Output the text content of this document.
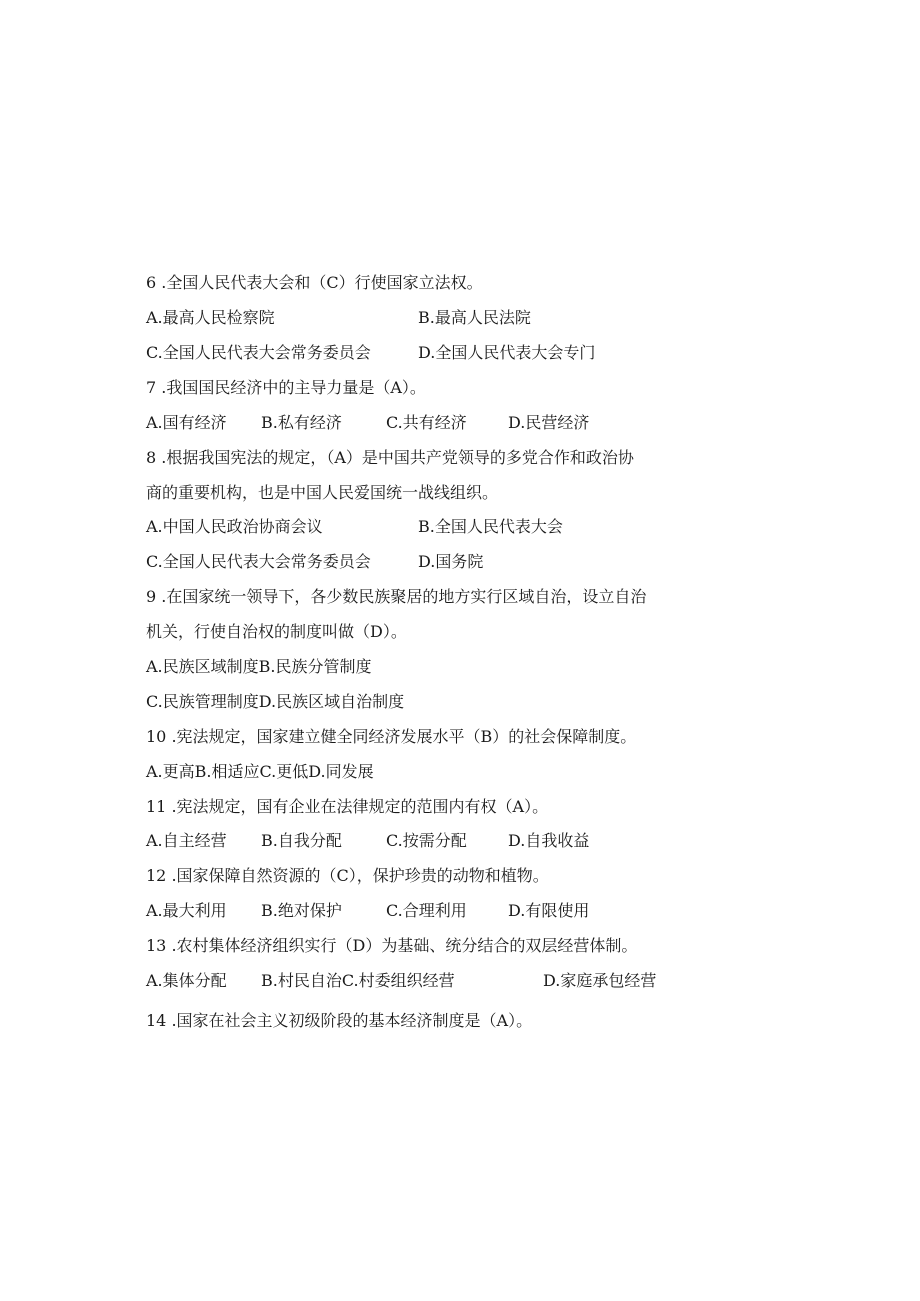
6 .全国人民代表大会和（C）行使国家立法权。
A.最高人民检察院	B.最高人民法院
C.全国人民代表大会常务委员会	D.全国人民代表大会专门
7 .我国国民经济中的主导力量是（A）。
A.国有经济 B.私有经济	C.共有经济	D.民营经济
8 .根据我国宪法的规定，（A）是中国共产党领导的多党合作和政治协
商的重要机构，也是中国人民爱国统一战线组织。
A.中国人民政治协商会议	B.全国人民代表大会
C.全国人民代表大会常务委员会	D.国务院
9 .在国家统一领导下，各少数民族聚居的地方实行区域自治，设立自治
机关，行使自治权的制度叫做（D）。
A.民族区域制度B.民族分管制度
C.民族管理制度D.民族区域自治制度
10 .宪法规定，国家建立健全同经济发展水平（B）的社会保障制度。
A.更高B.相适应C.更低D.同发展
11 .宪法规定，国有企业在法律规定的范围内有权（A）。
A.自主经营 B.自我分配	C.按需分配	D.自我收益
12 .国家保障自然资源的（C），保护珍贵的动物和植物。
A.最大利用 B.绝对保护	C.合理利用	D.有限使用
13 .农村集体经济组织实行（D）为基础、统分结合的双层经营体制。
A.集体分配 B.村民自治C.村委组织经营	D.家庭承包经营
14 .国家在社会主义初级阶段的基本经济制度是（A）。
